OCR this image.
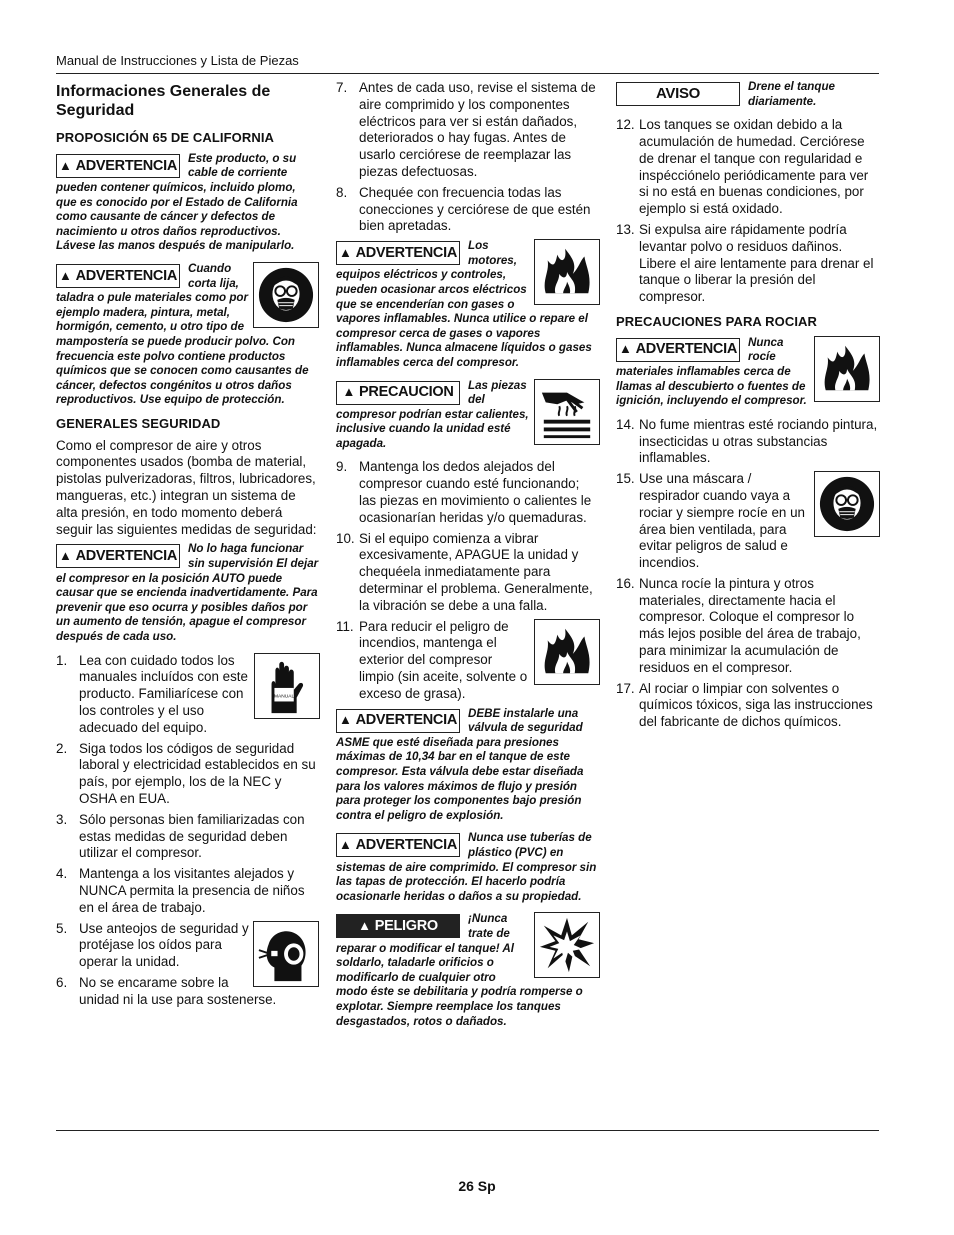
Manual de Instrucciones y Lista de Piezas
Informaciones Generales de Seguridad
PROPOSICIÓN 65 DE CALIFORNIA
▲ ADVERTENCIA Este producto, o su cable de corriente pueden contener químicos, incluido plomo, que es conocido por el Estado de California como causante de cáncer y defectos de nacimiento u otros daños reproductivos. Lávese las manos después de manipularlo.
▲ ADVERTENCIA Cuando corta lija, taladra o pule materiales como por ejemplo madera, pintura, metal, hormigón, cemento, u otro tipo de mampostería se puede producir polvo. Con frecuencia este polvo contiene productos químicos que se conocen como causantes de cáncer, defectos congénitos u otros daños reproductivos. Use equipo de protección.
GENERALES SEGURIDAD

Como el compresor de aire y otros componentes usados (bomba de material, pistolas pulverizadoras, filtros, lubricadores, mangueras, etc.) integran un sistema de alta presión, en todo momento deberá seguir las siguientes medidas de seguridad:

▲ ADVERTENCIA No lo haga funcionar sin supervisión El dejar el compresor en la posición AUTO puede causar que se encienda inadvertidamente. Para prevenir que eso ocurra y posibles daños por un aumento de tensión, apague el compresor después de cada uso.
MANUAL
1. Lea con cuidado todos los manuales incluídos con este producto. Familiarícese con los controles y el uso adecuado del equipo.
2. Siga todos los códigos de seguridad laboral y electricidad establecidos en su país, por ejemplo, los de la NEC y OSHA en EUA.
3. Sólo personas bien familiarizadas con estas medidas de seguridad deben utilizar el compresor.
4. Mantenga a los visitantes alejados y NUNCA permita la presencia de niños en el área de trabajo.
5. Use anteojos de seguridad y protéjase los oídos para operar la unidad.
6. No se encarame sobre la unidad ni la use para sostenerse.
7. Antes de cada uso, revise el sistema de aire comprimido y los componentes eléctricos para ver si están dañados, deteriorados o hay fugas. Antes de usarlo cerciórese de reemplazar las piezas defectuosas.
8. Chequée con frecuencia todas las conecciones y cerciórese de que estén bien apretadas.
▲ ADVERTENCIA Los motores, equipos eléctricos y controles, pueden ocasionar arcos eléctricos que se encenderían con gases o vapores inflamables. Nunca utilice o repare el compresor cerca de gases o vapores inflamables. Nunca almacene líquidos o gases inflamables cerca del compresor.
▲ PRECAUCION Las piezas del compresor podrían estar calientes, inclusive cuando la unidad esté apagada.
9. Mantenga los dedos alejados del compresor cuando esté funcionando; las piezas en movimiento o calientes le ocasionarían heridas y/o quemaduras.
10. Si el equipo comienza a vibrar excesivamente, APAGUE la unidad y chequéela inmediatamente para determinar el problema. Generalmente, la vibración se debe a una falla.
11. Para reducir el peligro de incendios, mantenga el exterior del compresor limpio (sin aceite, solvente o exceso de grasa).
▲ ADVERTENCIA DEBE instalarle una válvula de seguridad ASME que esté diseñada para presiones máximas de 10,34 bar en el tanque de este compresor. Esta válvula debe estar diseñada para los valores máximos de flujo y presión para proteger los componentes bajo presión contra el peligro de explosión.
▲ ADVERTENCIA Nunca use tuberías de plástico (PVC) en sistemas de aire comprimido. El compresor sin las tapas de protección. El hacerlo podría ocasionarle heridas o daños a su propiedad.
▲ PELIGRO	¡Nunca trate de reparar o modificar el tanque! Al soldarlo, taladarle orificios o modificarlo de cualquier otro modo éste se debilitaria y podría romperse o explotar. Siempre reemplace los tanques desgastados, rotos o dañados.
AVISO	Drene el tanque diariamente.
12. Los tanques se oxidan debido a la acumulación de humedad. Cerciórese de drenar el tanque con regularidad e inspécciónelo periódicamente para ver si no está en buenas condiciones, por ejemplo si está oxidado.
13. Si expulsa aire rápidamente podría levantar polvo o residuos dañinos. Libere el aire lentamente para drenar el tanque o liberar la presión del compresor.
PRECAUCIONES PARA ROCIAR
▲ ADVERTENCIA Nunca rocíe materiales inflamables cerca de llamas al descubierto o fuentes de ignición, incluyendo el compresor.
14. No fume mientras esté rociando pintura, insecticidas u otras substancias inflamables.
15. Use una máscara / respirador cuando vaya a rociar y siempre rocíe en un área bien ventilada, para evitar peligros de salud e incendios.
16. Nunca rocíe la pintura y otros materiales, directamente hacia el compresor. Coloque el compresor lo más lejos posible del área de trabajo, para minimizar la acumulación de residuos en el compresor.
17. Al rociar o limpiar con solventes o químicos tóxicos, siga las instrucciones del fabricante de dichos químicos.
26 Sp
